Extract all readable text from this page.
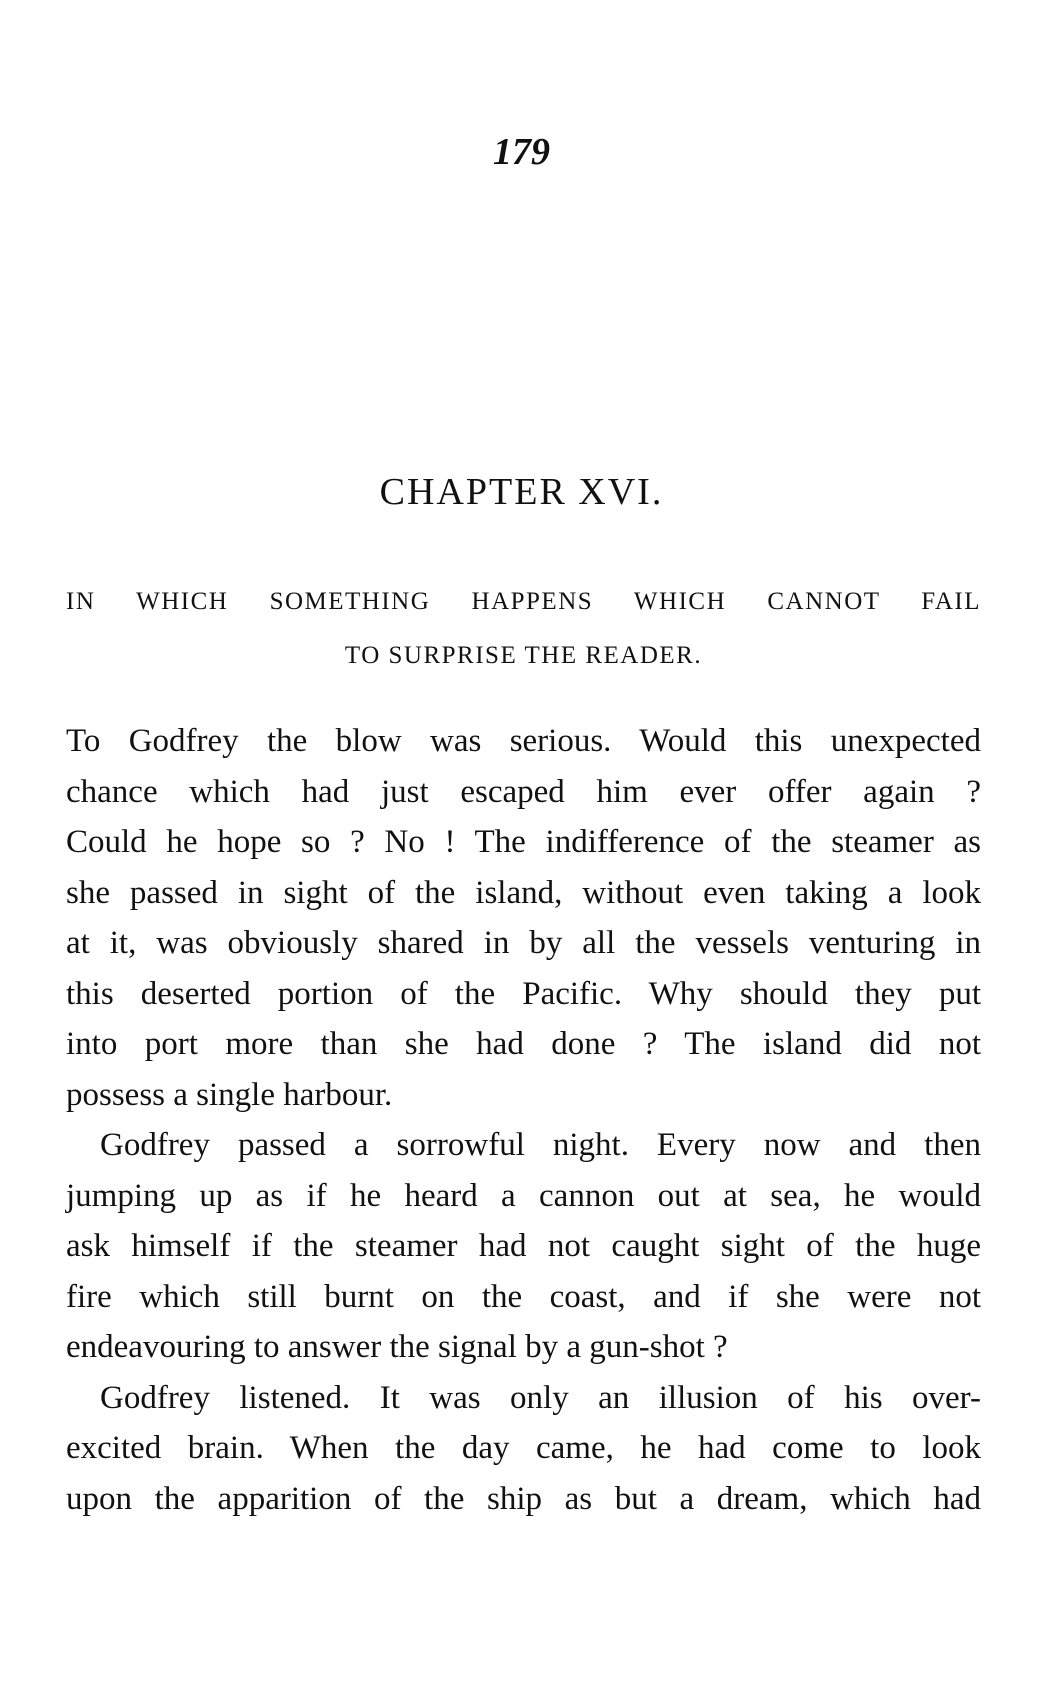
179
CHAPTER XVI.
IN WHICH SOMETHING HAPPENS WHICH CANNOT FAIL
TO SURPRISE THE READER.
To Godfrey the blow was serious. Would this unexpected
chance which had just escaped him ever offer again ?
Could he hope so ? No ! The indifference of the steamer as
she passed in sight of the island, without even taking a look
at it, was obviously shared in by all the vessels venturing in
this deserted portion of the Pacific. Why should they put
into port more than she had done ? The island did not
possess a single harbour.
Godfrey passed a sorrowful night. Every now and then
jumping up as if he heard a cannon out at sea, he would
ask himself if the steamer had not caught sight of the huge
fire which still burnt on the coast, and if she were not
endeavouring to answer the signal by a gun-shot ?
Godfrey listened. It was only an illusion of his over-
excited brain. When the day came, he had come to look
upon the apparition of the ship as but a dream, which had
